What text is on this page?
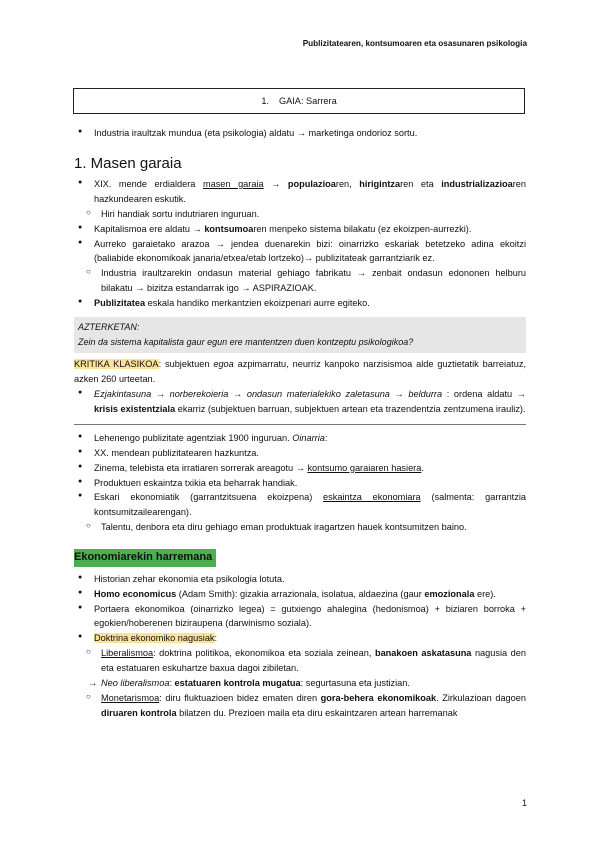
Publizitatearen, kontsumoaren eta osasunaren psikologia
1. GAIA: Sarrera
● Industria iraultzak mundua (eta psikologia) aldatu → marketinga ondorioz sortu.
1. Masen garaia
● XIX. mende erdialdera masen garaia → populazioaren, hirigintzaren eta industrializazioaren hazkundearen eskutik.
○ Hiri handiak sortu indutriaren inguruan.
● Kapitalismoa ere aldatu → kontsumoaren menpeko sistema bilakatu (ez ekoizpen-aurrezki).
● Aurreko garaietako arazoa → jendea duenarekin bizi: oinarrizko eskariak betetzeko adina ekoitzi (baliabide ekonomikoak janaria/etxea/etab lortzeko)→ publizitateak garrantziarik ez.
○ Industria iraultzarekin ondasun material gehiago fabrikatu → zenbait ondasun edononen helburu bilakatu → bizitza estandarrak igo → ASPIRAZIOAK.
● Publizitatea eskala handiko merkantzien ekoizpenari aurre egiteko.
AZTERKETAN:
Zein da sistema kapitalista gaur egun ere mantentzen duen kontzeptu psikologikoa?
KRITIKA KLASIKOA: subjektuen egoa azpimarratu, neurriz kanpoko narzisismoa alde guztietatik barreiatuz, azken 260 urteetan.
● Ezjakintasuna → norberekoieria → ondasun materialekiko zaletasuna → beldurra : ordena aldatu → krisis existentziala ekarriz (subjektuen barruan, subjektuen artean eta trazendentzia zentzumena irauliz).
● Lehenengo publizitate agentziak 1900 inguruan. Oinarria:
● XX. mendean publizitatearen hazkuntza.
● Zinema, telebista eta irratiaren sorrerak areagotu → kontsumo garaiaren hasiera.
● Produktuen eskaintza txikia eta beharrak handiak.
● Eskari ekonomiatik (garrantzitsuena ekoizpena) eskaintza ekonomiara (salmenta: garrantzia kontsumitzailearengan).
○ Talentu, denbora eta diru gehiago eman produktuak iragartzen hauek kontsumitzen baino.
Ekonomiarekin harremana
● Historian zehar ekonomia eta psikologia lotuta.
● Homo economicus (Adam Smith): gizakia arrazionala, isolatua, aldaezina (gaur emozionala ere).
● Portaera ekonomikoa (oinarrizko legea) = gutxiengo ahalegina (hedonismoa) + biziaren borroka + egokien/hoberenen biziraupena (darwinismo soziala).
● Doktrina ekonomiko nagusiak:
○ Liberalismoa: doktrina politikoa, ekonomikoa eta soziala zeinean, banakoen askatasuna nagusia den eta estatuaren eskuhartze baxua dagoi zibiletan.
→ Neo liberalismoa: estatuaren kontrola mugatua: segurtasuna eta justizian.
○ Monetarismoa: diru fluktuazioen bidez ematen diren gora-behera ekonomikoak. Zirkulazioan dagoen diruaren kontrola bilatzen du. Prezioen maila eta diru eskaintzaren artean harremanak
1
